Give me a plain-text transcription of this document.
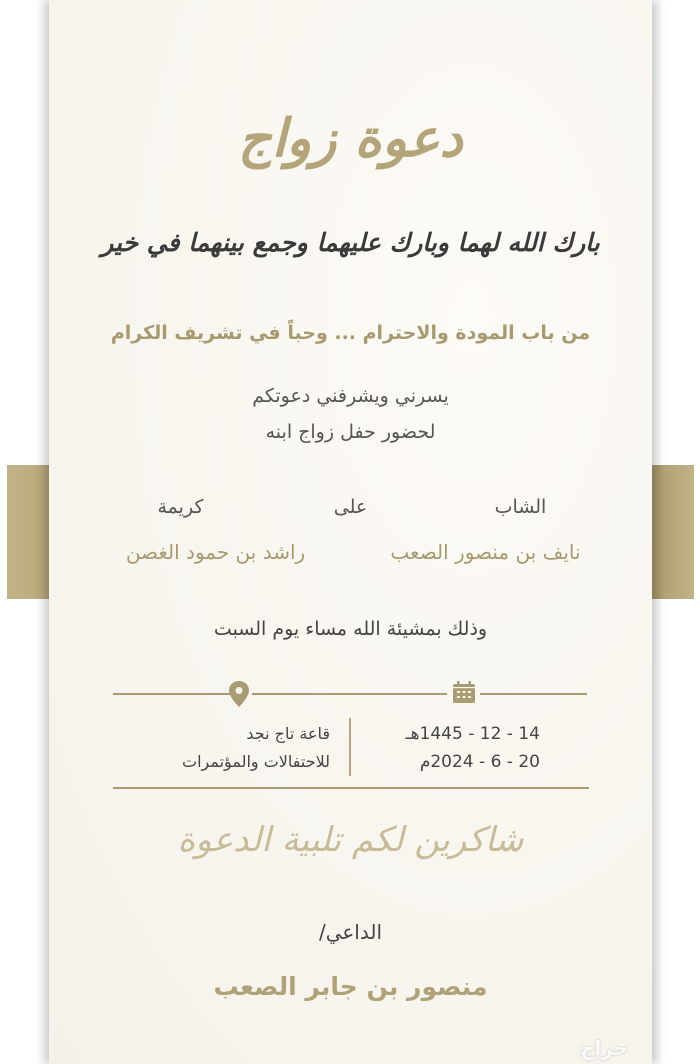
دعوة زواج
بارك الله لهما وبارك عليهما وجمع بينهما في خير
من باب المودة والاحترام ... وحباً في تشريف الكرام
يسرني ويشرفني دعوتكم
لحضور حفل زواج ابنه
الشاب
على
كريمة
نايف بن منصور الصعب
راشد بن حمود الغصن
وذلك بمشيئة الله مساء يوم السبت
14 - 12 - 1445هـ
20 - 6 - 2024م
قاعة تاج نجد
للاحتفالات والمؤتمرات
شاكرين لكم تلبية الدعوة
الداعي/
منصور بن جابر الصعب
حراج
